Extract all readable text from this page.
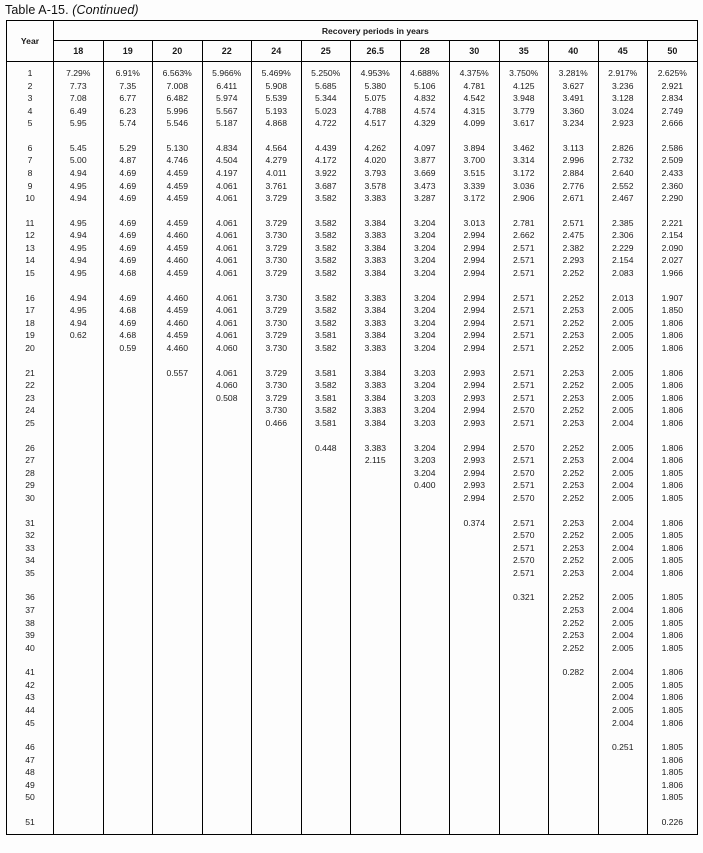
Table A-15. (Continued)
Year	Recovery periods in years												
	18	19	20	22	24	25	26.5	28	30	35	40	45	50

1	7.29%	6.91%	6.563%	5.966%	5.469%	5.250%	4.953%	4.688%	4.375%	3.750%	3.281%	2.917%	2.625%
2	7.73	7.35	7.008	6.411	5.908	5.685	5.380	5.106	4.781	4.125	3.627	3.236	2.921
3	7.08	6.77	6.482	5.974	5.539	5.344	5.075	4.832	4.542	3.948	3.491	3.128	2.834
4	6.49	6.23	5.996	5.567	5.193	5.023	4.788	4.574	4.315	3.779	3.360	3.024	2.749
5	5.95	5.74	5.546	5.187	4.868	4.722	4.517	4.329	4.099	3.617	3.234	2.923	2.666

6	5.45	5.29	5.130	4.834	4.564	4.439	4.262	4.097	3.894	3.462	3.113	2.826	2.586
7	5.00	4.87	4.746	4.504	4.279	4.172	4.020	3.877	3.700	3.314	2.996	2.732	2.509
8	4.94	4.69	4.459	4.197	4.011	3.922	3.793	3.669	3.515	3.172	2.884	2.640	2.433
9	4.95	4.69	4.459	4.061	3.761	3.687	3.578	3.473	3.339	3.036	2.776	2.552	2.360
10	4.94	4.69	4.459	4.061	3.729	3.582	3.383	3.287	3.172	2.906	2.671	2.467	2.290

11	4.95	4.69	4.459	4.061	3.729	3.582	3.384	3.204	3.013	2.781	2.571	2.385	2.221
12	4.94	4.69	4.460	4.061	3.730	3.582	3.383	3.204	2.994	2.662	2.475	2.306	2.154
13	4.95	4.69	4.459	4.061	3.729	3.582	3.384	3.204	2.994	2.571	2.382	2.229	2.090
14	4.94	4.69	4.460	4.061	3.730	3.582	3.383	3.204	2.994	2.571	2.293	2.154	2.027
15	4.95	4.68	4.459	4.061	3.729	3.582	3.384	3.204	2.994	2.571	2.252	2.083	1.966

16	4.94	4.69	4.460	4.061	3.730	3.582	3.383	3.204	2.994	2.571	2.252	2.013	1.907
17	4.95	4.68	4.459	4.061	3.729	3.582	3.384	3.204	2.994	2.571	2.253	2.005	1.850
18	4.94	4.69	4.460	4.061	3.730	3.582	3.383	3.204	2.994	2.571	2.252	2.005	1.806
19	0.62	4.68	4.459	4.061	3.729	3.581	3.384	3.204	2.994	2.571	2.253	2.005	1.806
20		0.59	4.460	4.060	3.730	3.582	3.383	3.204	2.994	2.571	2.252	2.005	1.806

21			0.557	4.061	3.729	3.581	3.384	3.203	2.993	2.571	2.253	2.005	1.806
22				4.060	3.730	3.582	3.383	3.204	2.994	2.571	2.252	2.005	1.806
23				0.508	3.729	3.581	3.384	3.203	2.993	2.571	2.253	2.005	1.806
24					3.730	3.582	3.383	3.204	2.994	2.570	2.252	2.005	1.806
25					0.466	3.581	3.384	3.203	2.993	2.571	2.253	2.004	1.806

26						0.448	3.383	3.204	2.994	2.570	2.252	2.005	1.806
27							2.115	3.203	2.993	2.571	2.253	2.004	1.806
28								3.204	2.994	2.570	2.252	2.005	1.805
29								0.400	2.993	2.571	2.253	2.004	1.806
30									2.994	2.570	2.252	2.005	1.805

31									0.374	2.571	2.253	2.004	1.806
32										2.570	2.252	2.005	1.805
33										2.571	2.253	2.004	1.806
34										2.570	2.252	2.005	1.805
35										2.571	2.253	2.004	1.806

36										0.321	2.252	2.005	1.805
37											2.253	2.004	1.806
38											2.252	2.005	1.805
39											2.253	2.004	1.806
40											2.252	2.005	1.805

41											0.282	2.004	1.806
42												2.005	1.805
43												2.004	1.806
44												2.005	1.805
45												2.004	1.806

46												0.251	1.805
47													1.806
48													1.805
49													1.806
50													1.805

51													0.226
